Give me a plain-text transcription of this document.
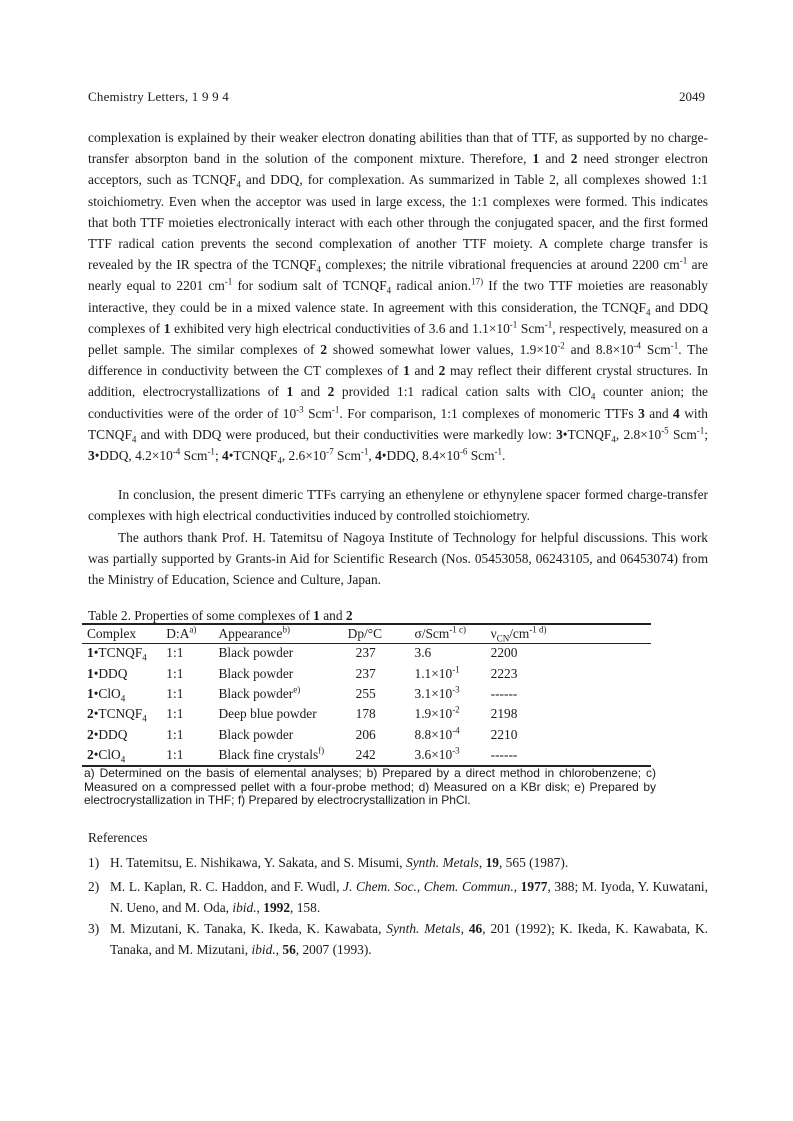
Chemistry Letters, 1 9 9 4	2049

complexation is explained by their weaker electron donating abilities than that of TTF, as supported by no charge-transfer absorpton band in the solution of the component mixture. Therefore, 1 and 2 need stronger electron acceptors, such as $TCNQF_4$ and DDQ, for complexation. As summarized in Table 2, all complexes showed 1:1 stoichiometry. Even when the acceptor was used in large excess, the 1:1 complexes were formed. This indicates that both TTF moieties electronically interact with each other through the conjugated spacer, and the first formed TTF radical cation prevents the second complexation of another TTF moiety. A complete charge transfer is revealed by the IR spectra of the $TCNQF_4$ complexes; the nitrile vibrational frequencies at around 2200 $cm^{-1}$ are nearly equal to 2201 $cm^{-1}$ for sodium salt of $TCNQF_4$ radical anion.$^{17)}$ If the two TTF moieties are reasonably interactive, they could be in a mixed valence state. In agreement with this consideration, the $TCNQF_4$ and DDQ complexes of 1 exhibited very high electrical conductivities of 3.6 and $1.1\times 10^{-1}$ Scm$^{-1}$, respectively, measured on a pellet sample. The similar complexes of 2 showed somewhat lower values, $1.9\times 10^{-2}$ and $8.8\times 10^{-4}$ Scm$^{-1}$. The difference in conductivity between the CT complexes of 1 and 2 may reflect their different crystal structures. In addition, electrocrystallizations of 1 and 2 provided 1:1 radical cation salts with ClO$_4$ counter anion; the conductivities were of the order of $10^{-3}$ Scm$^{-1}$. For comparison, 1:1 complexes of monomeric TTFs 3 and 4 with $TCNQF_4$ and with DDQ were produced, but their conductivities were markedly low: $3•TCNQF_4$, $2.8\times 10^{-5}$ Scm$^{-1}$; 3•DDQ, $4.2\times 10^{-4}$ Scm$^{-1}$; $4•TCNQF_4$, $2.6\times 10^{-7}$ Scm$^{-1}$, 4•DDQ, $8.4\times 10^{-6}$ Scm$^{-1}$.

In conclusion, the present dimeric TTFs carrying an ethenylene or ethynylene spacer formed charge-transfer complexes with high electrical conductivities induced by controlled stoichiometry.

The authors thank Prof. H. Tatemitsu of Nagoya Institute of Technology for helpful discussions. This work was partially supported by Grants-in Aid for Scientific Research (Nos. 05453058, 06243105, and 06453074) from the Ministry of Education, Science and Culture, Japan.

Table 2. Properties of some complexes of 1 and 2
Complex	$D:A^{a)}$	Appearance$^{b)}$	Dp/°C	σ/Scm$^{-1 c)}$	$\nu_{CN}/cm^{-1 d)}$
$1•TCNQF_4$	1:1	Black powder	237	3.6	2200
1•DDQ	1:1	Black powder	237	$1.1\times 10^{-1}$	2223
1•ClO$_4$	1:1	Black powder$^{e)}$	255	$3.1\times 10^{-3}$	------
$2•TCNQF_4$	1:1	Deep blue powder	178	$1.9\times 10^{-2}$	2198
2•DDQ	1:1	Black powder	206	$8.8\times 10^{-4}$	2210
2•ClO$_4$	1:1	Black fine crystals$^{f)}$	242	$3.6\times 10^{-3}$	------
a) Determined on the basis of elemental analyses; b) Prepared by a direct method in chlorobenzene; c) Measured on a compressed pellet with a four-probe method; d) Measured on a KBr disk; e) Prepared by electrocrystallization in THF; f) Prepared by electrocrystallization in PhCl.
References
1) H. Tatemitsu, E. Nishikawa, Y. Sakata, and S. Misumi, Synth. Metals, 19, 565 (1987).
2) M. L. Kaplan, R. C. Haddon, and F. Wudl, J. Chem. Soc., Chem. Commun., 1977, 388; M. Iyoda, Y. Kuwatani, N. Ueno, and M. Oda, ibid., 1992, 158.
3) M. Mizutani, K. Tanaka, K. Ikeda, K. Kawabata, Synth. Metals, 46, 201 (1992); K. Ikeda, K. Kawabata, K. Tanaka, and M. Mizutani, ibid., 56, 2007 (1993).
